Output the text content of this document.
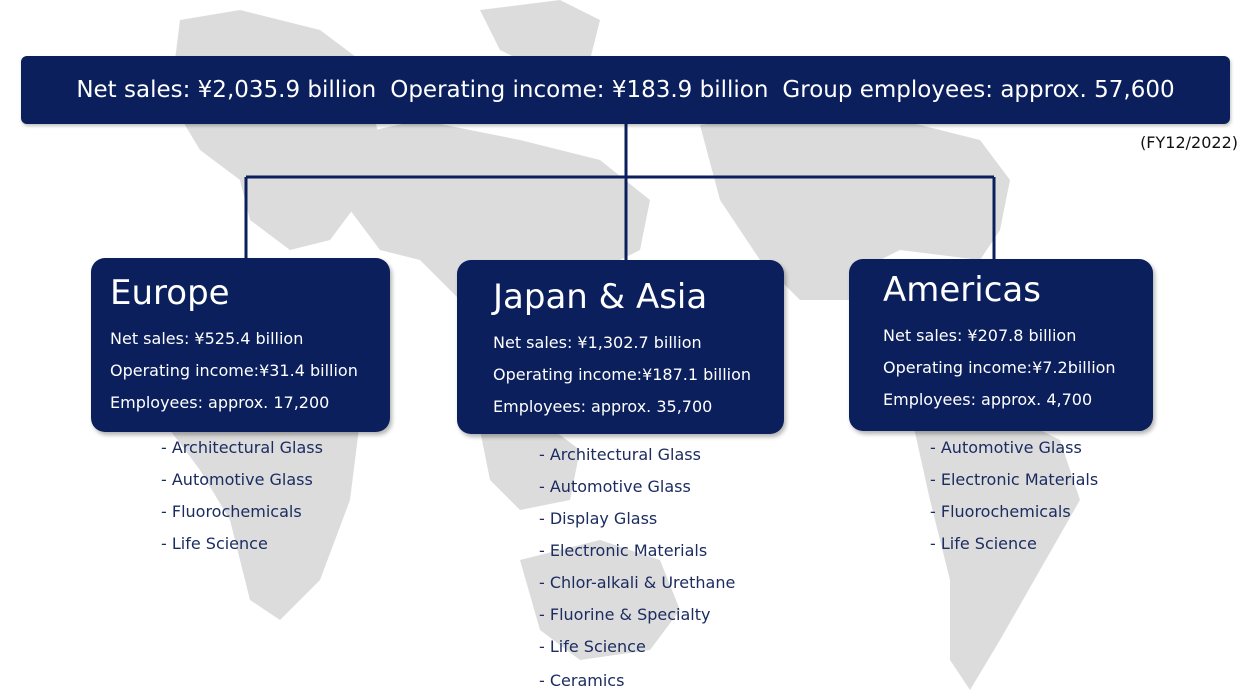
Net sales: ¥2,035.9 billion Operating income: ¥183.9 billion Group employees: approx. 57,600
(FY12/2022)
Europe
Net sales: ¥525.4 billion
Operating income:¥31.4 billion
Employees: approx. 17,200
- Architectural Glass
- Automotive Glass
- Fluorochemicals
- Life Science
Japan & Asia
Net sales: ¥1,302.7 billion
Operating income:¥187.1 billion
Employees: approx. 35,700
- Architectural Glass
- Automotive Glass
- Display Glass
- Electronic Materials
- Chlor-alkali & Urethane
- Fluorine & Specialty
- Life Science
- Ceramics
Americas
Net sales: ¥207.8 billion
Operating income:¥7.2billion
Employees: approx. 4,700
- Automotive Glass
- Electronic Materials
- Fluorochemicals
- Life Science
